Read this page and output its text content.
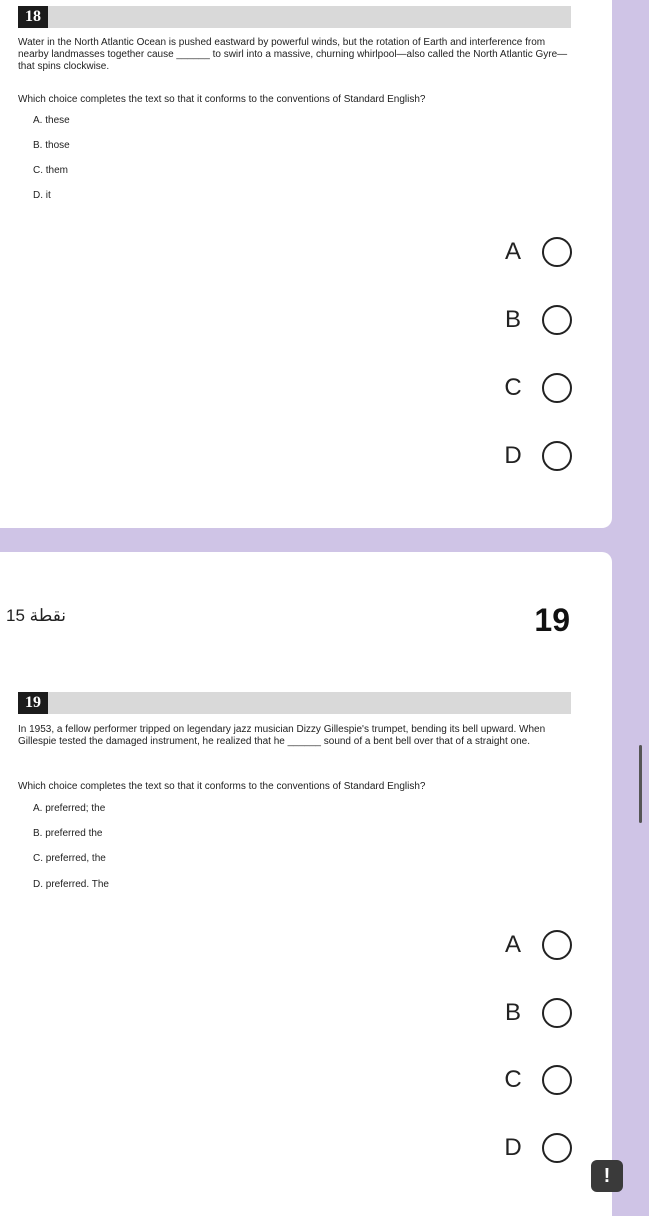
18
Water in the North Atlantic Ocean is pushed eastward by powerful winds, but the rotation of Earth and interference from nearby landmasses together cause ______ to swirl into a massive, churning whirlpool—also called the North Atlantic Gyre—that spins clockwise.
Which choice completes the text so that it conforms to the conventions of Standard English?
A. these
B. those
C. them
D. it
A
B
C
D
نقطة 15	19
19
In 1953, a fellow performer tripped on legendary jazz musician Dizzy Gillespie's trumpet, bending its bell upward. When Gillespie tested the damaged instrument, he realized that he ______ sound of a bent bell over that of a straight one.
Which choice completes the text so that it conforms to the conventions of Standard English?
A. preferred; the
B. preferred the
C. preferred, the
D. preferred. The
A
B
C
D
!
